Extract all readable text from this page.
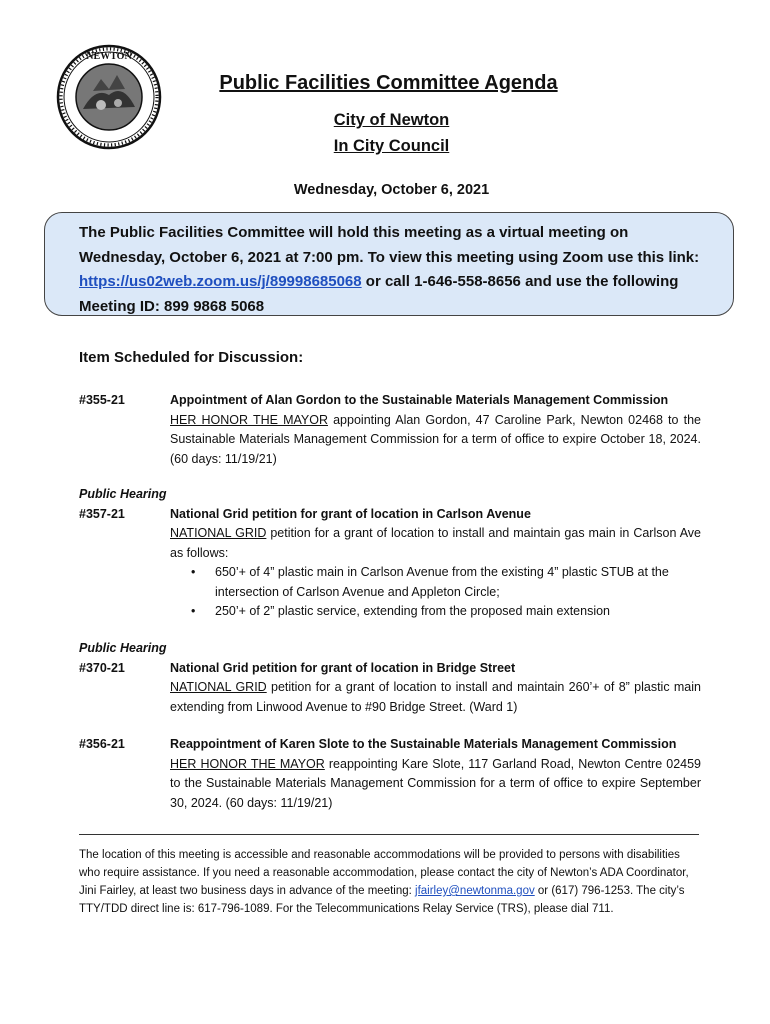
NEWTON
Public Facilities Committee Agenda
City of Newton
In City Council
Wednesday, October 6, 2021
The Public Facilities Committee will hold this meeting as a virtual meeting on Wednesday, October 6, 2021 at 7:00 pm. To view this meeting using Zoom use this link: https://us02web.zoom.us/j/89998685068 or call 1-646-558-8656 and use the following Meeting ID: 899 9868 5068
Item Scheduled for Discussion:
#355-21	Appointment of Alan Gordon to the Sustainable Materials Management Commission
HER HONOR THE MAYOR appointing Alan Gordon, 47 Caroline Park, Newton 02468 to the Sustainable Materials Management Commission for a term of office to expire October 18, 2024. (60 days: 11/19/21)
Public Hearing
#357-21	National Grid petition for grant of location in Carlson Avenue
NATIONAL GRID petition for a grant of location to install and maintain gas main in Carlson Ave as follows:
• 650’+ of 4” plastic main in Carlson Avenue from the existing 4” plastic STUB at the intersection of Carlson Avenue and Appleton Circle;
• 250’+ of 2” plastic service, extending from the proposed main extension
Public Hearing
#370-21	National Grid petition for grant of location in Bridge Street
NATIONAL GRID petition for a grant of location to install and maintain 260’+ of 8” plastic main extending from Linwood Avenue to #90 Bridge Street. (Ward 1)
#356-21	Reappointment of Karen Slote to the Sustainable Materials Management Commission
HER HONOR THE MAYOR reappointing Kare Slote, 117 Garland Road, Newton Centre 02459 to the Sustainable Materials Management Commission for a term of office to expire September 30, 2024. (60 days: 11/19/21)
The location of this meeting is accessible and reasonable accommodations will be provided to persons with disabilities who require assistance. If you need a reasonable accommodation, please contact the city of Newton’s ADA Coordinator, Jini Fairley, at least two business days in advance of the meeting: jfairley@newtonma.gov or (617) 796-1253. The city’s TTY/TDD direct line is: 617-796-1089. For the Telecommunications Relay Service (TRS), please dial 711.
